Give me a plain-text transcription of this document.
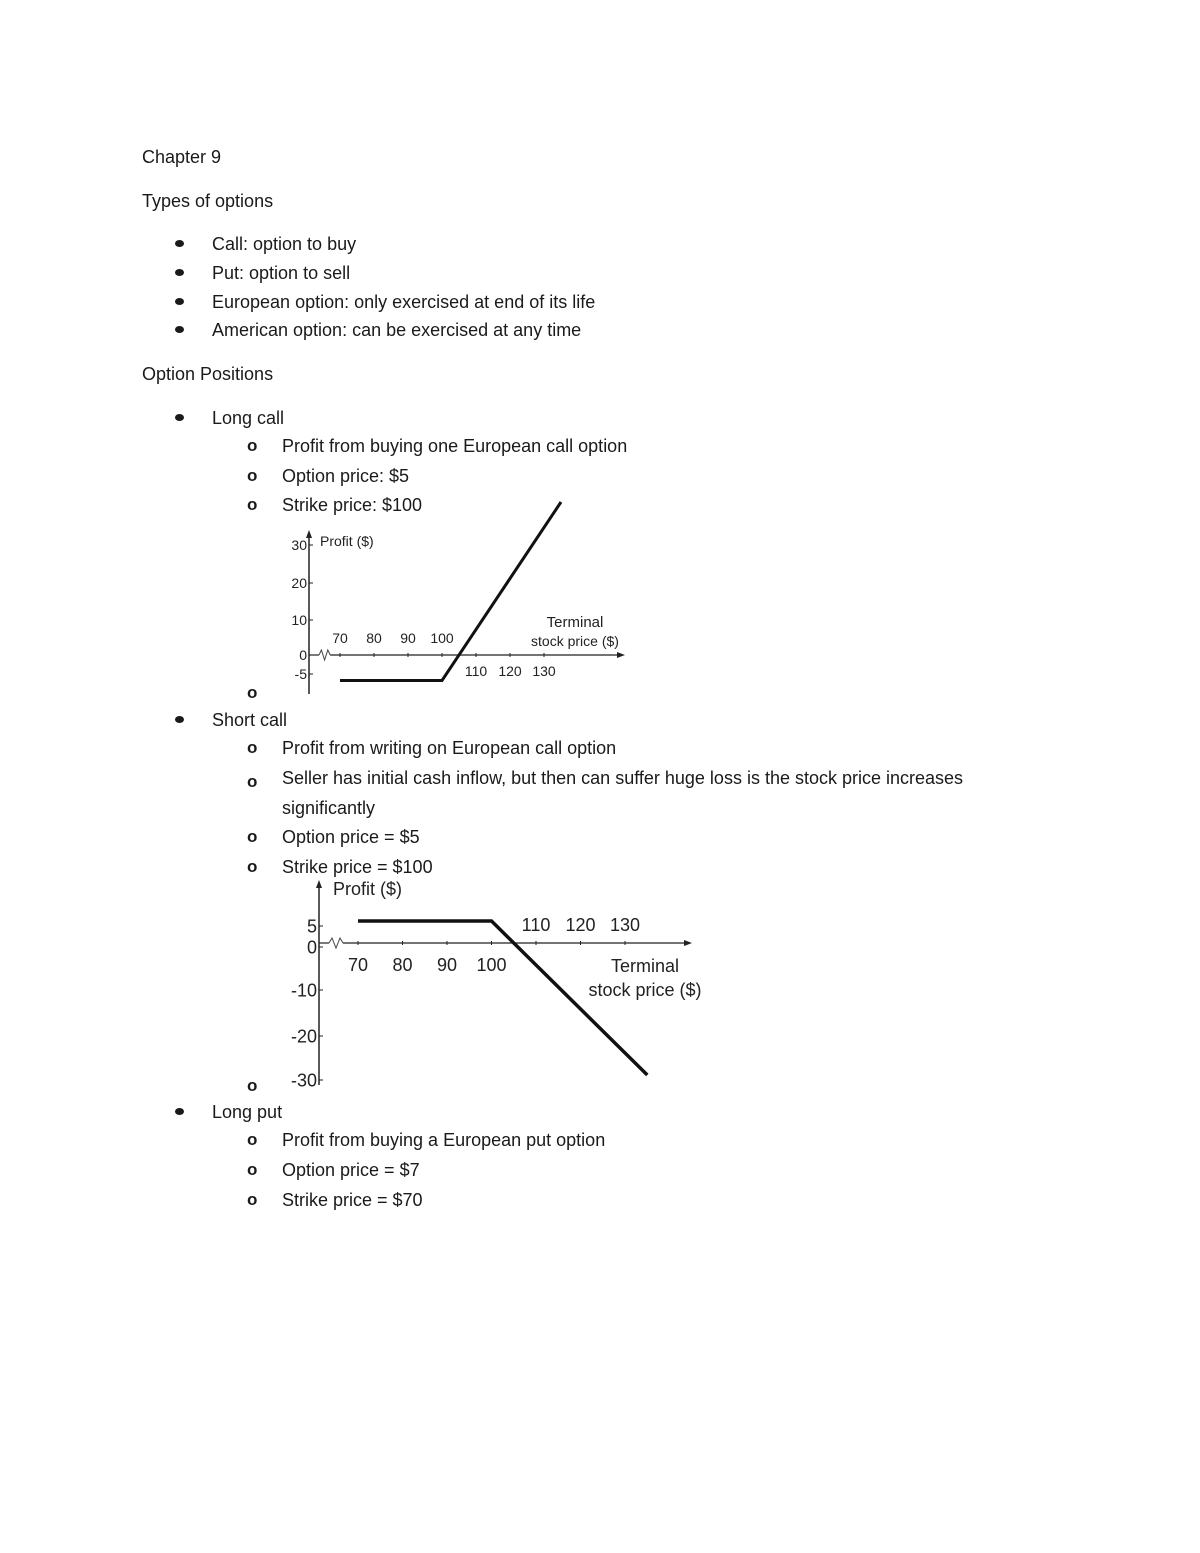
Chapter 9
Types of options
Call: option to buy
Put: option to sell
European option: only exercised at end of its life
American option: can be exercised at any time
Option Positions
Long call
o Profit from buying one European call option
o Option price: $5
o Strike price: $100
Profit ($)
Terminal
stock price ($)
30
20
10
0
-5
70 80 90 100
110 120 130
o
Short call
o Profit from writing on European call option
o Seller has initial cash inflow, but then can suffer huge loss is the stock price increases significantly
o Option price = $5
o Strike price = $100
Profit ($)
Terminal
stock price ($)
5
0
-10
-20
-30
110 120 130
70 80 90 100
o
Long put
o Profit from buying a European put option
o Option price = $7
o Strike price = $70
